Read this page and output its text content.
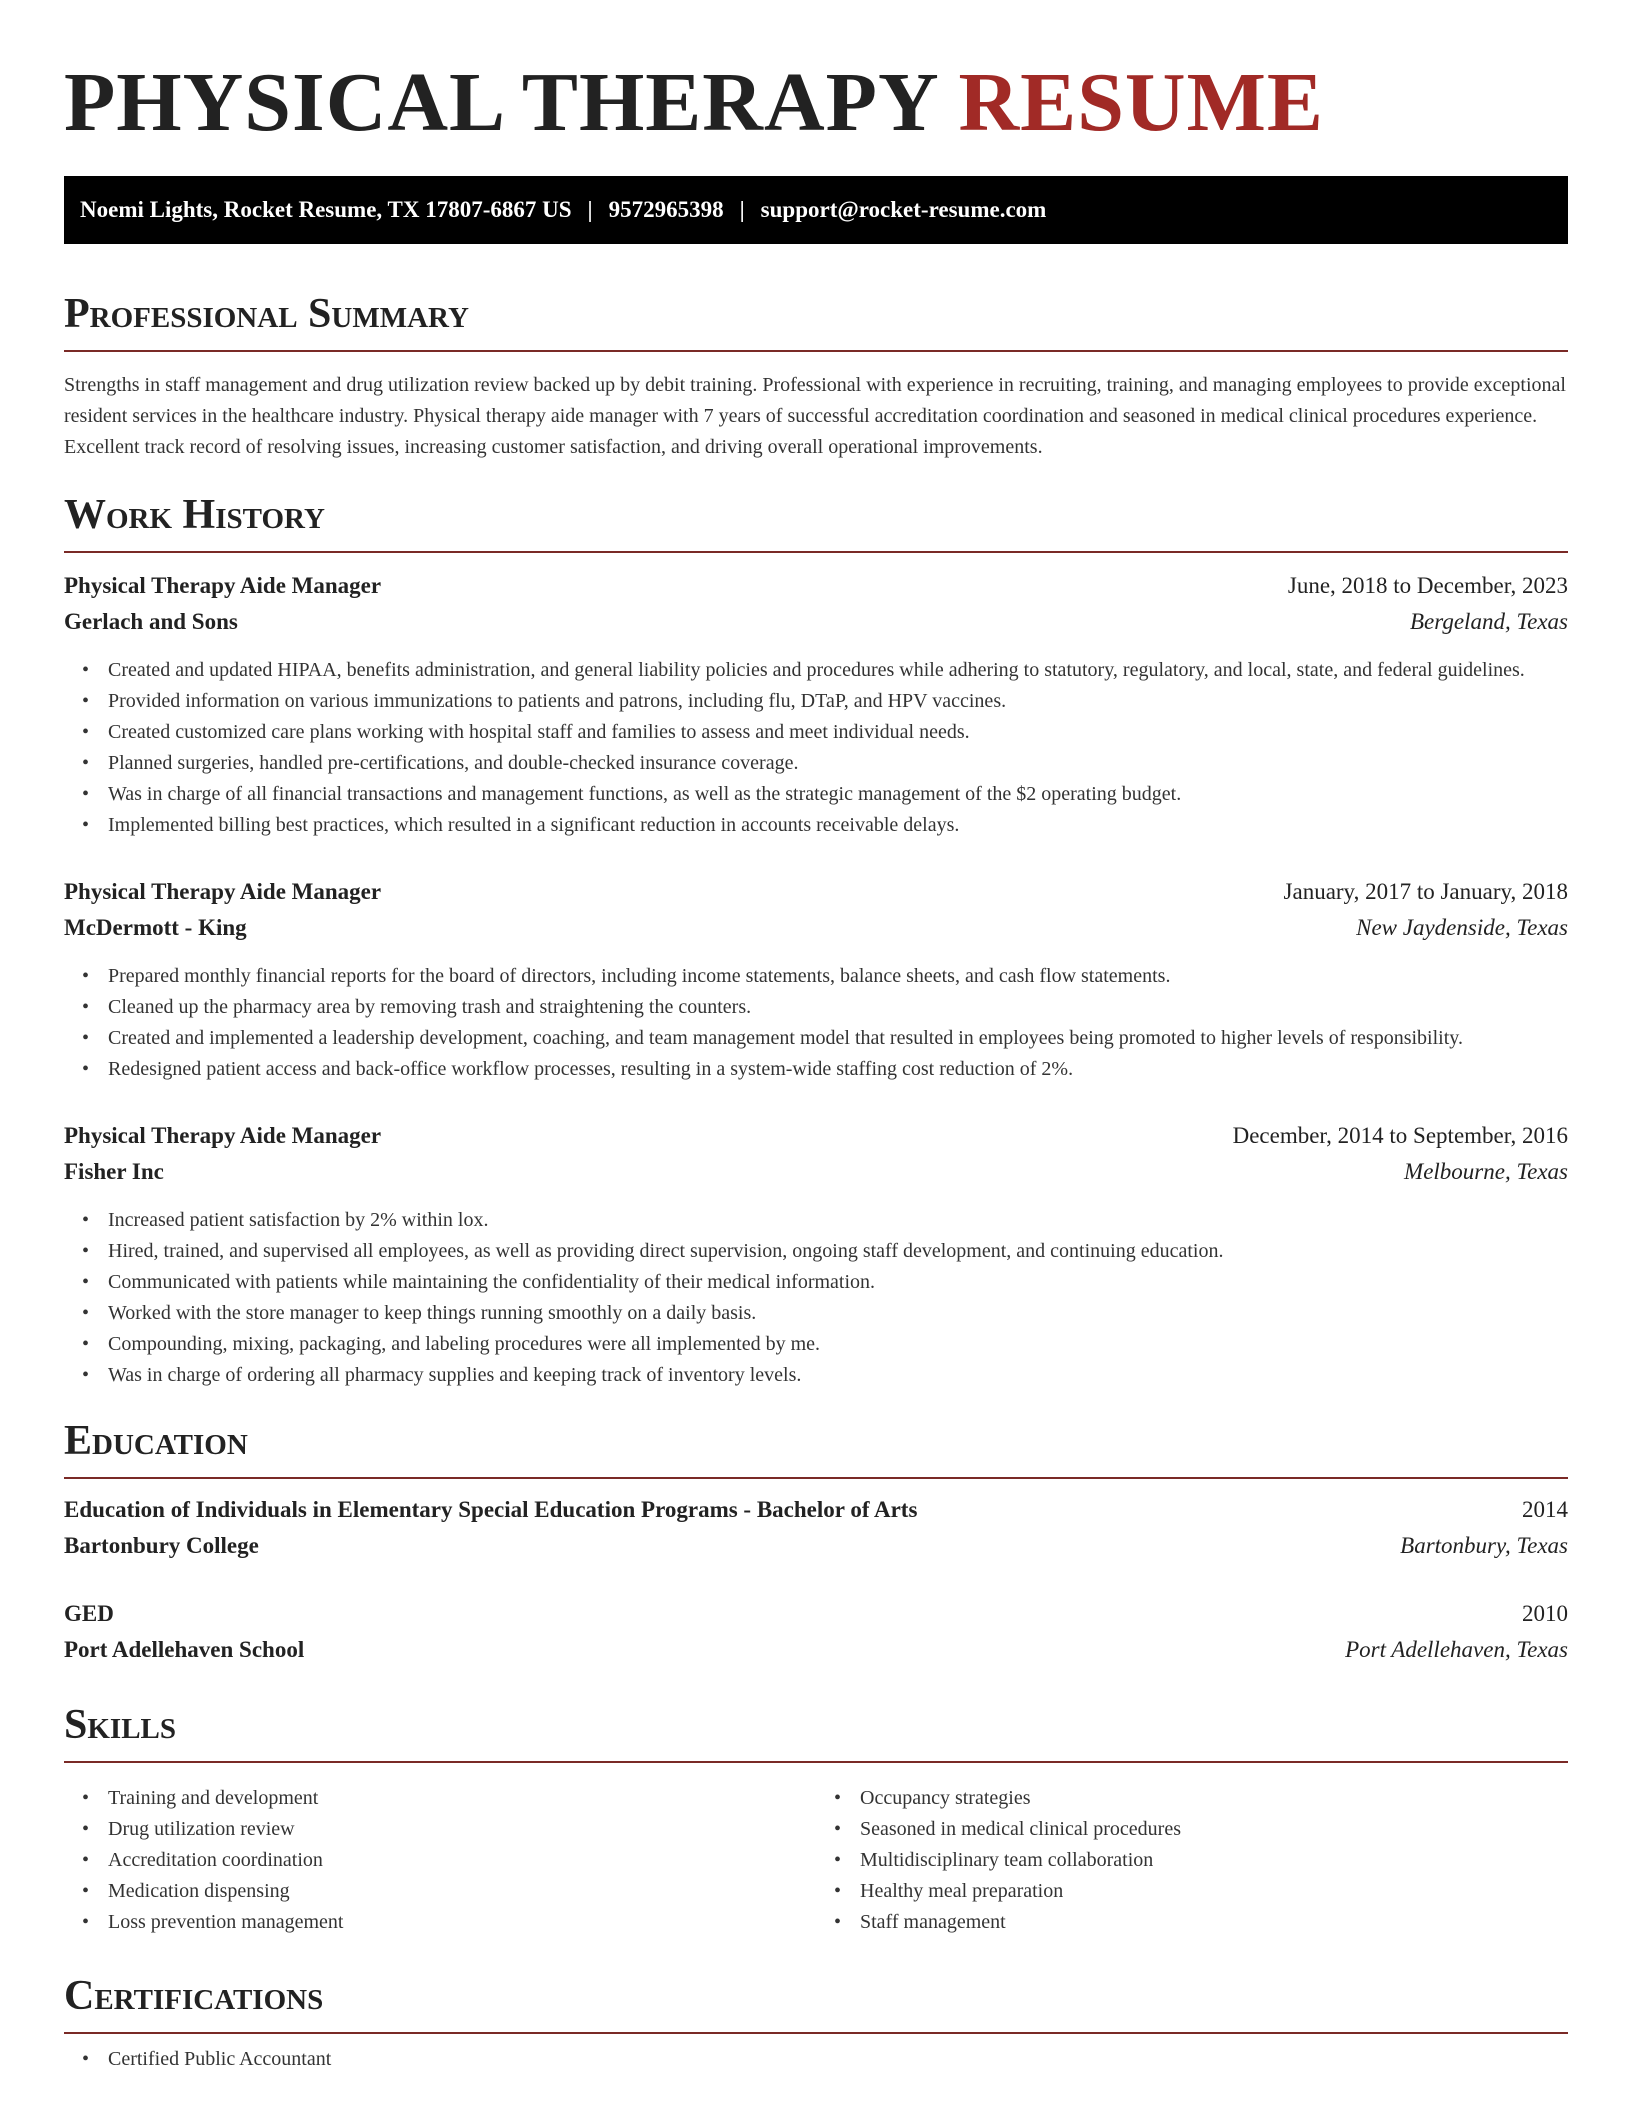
PHYSICAL THERAPY RESUME
Noemi Lights, Rocket Resume, TX 17807-6867 US | 9572965398 | support@rocket-resume.com
Professional Summary

Strengths in staff management and drug utilization review backed up by debit training. Professional with experience in recruiting, training, and managing employees to provide exceptional resident services in the healthcare industry. Physical therapy aide manager with 7 years of successful accreditation coordination and seasoned in medical clinical procedures experience. Excellent track record of resolving issues, increasing customer satisfaction, and driving overall operational improvements.

Work History
Physical Therapy Aide Manager	June, 2018 to December, 2023
Gerlach and Sons	Bergeland, Texas
• Created and updated HIPAA, benefits administration, and general liability policies and procedures while adhering to statutory, regulatory, and local, state, and federal guidelines.
• Provided information on various immunizations to patients and patrons, including flu, DTaP, and HPV vaccines.
• Created customized care plans working with hospital staff and families to assess and meet individual needs.
• Planned surgeries, handled pre-certifications, and double-checked insurance coverage.
• Was in charge of all financial transactions and management functions, as well as the strategic management of the $2 operating budget.
• Implemented billing best practices, which resulted in a significant reduction in accounts receivable delays.
Physical Therapy Aide Manager	January, 2017 to January, 2018
McDermott - King	New Jaydenside, Texas
• Prepared monthly financial reports for the board of directors, including income statements, balance sheets, and cash flow statements.
• Cleaned up the pharmacy area by removing trash and straightening the counters.
• Created and implemented a leadership development, coaching, and team management model that resulted in employees being promoted to higher levels of responsibility.
• Redesigned patient access and back-office workflow processes, resulting in a system-wide staffing cost reduction of 2%.
Physical Therapy Aide Manager	December, 2014 to September, 2016
Fisher Inc	Melbourne, Texas
• Increased patient satisfaction by 2% within lox.
• Hired, trained, and supervised all employees, as well as providing direct supervision, ongoing staff development, and continuing education.
• Communicated with patients while maintaining the confidentiality of their medical information.
• Worked with the store manager to keep things running smoothly on a daily basis.
• Compounding, mixing, packaging, and labeling procedures were all implemented by me.
• Was in charge of ordering all pharmacy supplies and keeping track of inventory levels.
Education
Education of Individuals in Elementary Special Education Programs - Bachelor of Arts	2014
Bartonbury College	Bartonbury, Texas
GED	2010
Port Adellehaven School	Port Adellehaven, Texas
Skills
• Training and development
• Drug utilization review
• Accreditation coordination
• Medication dispensing
• Loss prevention management
• Occupancy strategies
• Seasoned in medical clinical procedures
• Multidisciplinary team collaboration
• Healthy meal preparation
• Staff management
Certifications
• Certified Public Accountant
